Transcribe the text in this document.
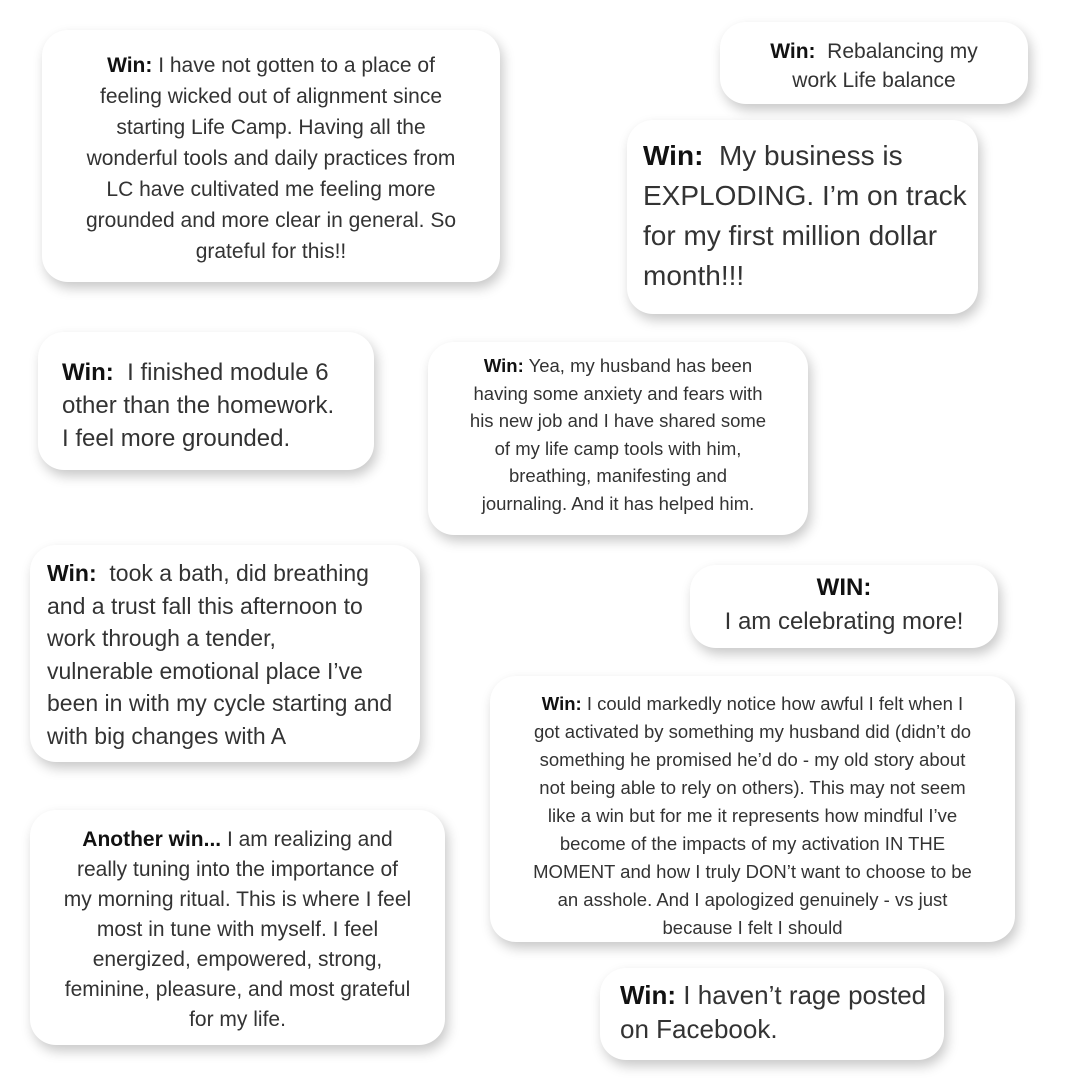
Win: I have not gotten to a place of
feeling wicked out of alignment since
starting Life Camp. Having all the
wonderful tools and daily practices from
LC have cultivated me feeling more
grounded and more clear in general. So
grateful for this!!
Win:  Rebalancing my
work Life balance
Win:  My business is
EXPLODING. I’m on track
for my first million dollar
month!!!
Win:  I finished module 6
other than the homework.
I feel more grounded.
Win: Yea, my husband has been
having some anxiety and fears with
his new job and I have shared some
of my life camp tools with him,
breathing, manifesting and
journaling. And it has helped him.
Win:  took a bath, did breathing
and a trust fall this afternoon to
work through a tender,
vulnerable emotional place I’ve
been in with my cycle starting and
with big changes with A
WIN:
I am celebrating more!
Win: I could markedly notice how awful I felt when I
got activated by something my husband did (didn’t do
something he promised he’d do - my old story about
not being able to rely on others). This may not seem
like a win but for me it represents how mindful I’ve
become of the impacts of my activation IN THE
MOMENT and how I truly DON’t want to choose to be
an asshole. And I apologized genuinely - vs just
because I felt I should
Another win... I am realizing and
really tuning into the importance of
my morning ritual. This is where I feel
most in tune with myself. I feel
energized, empowered, strong,
feminine, pleasure, and most grateful
for my life.
Win: I haven’t rage posted
on Facebook.
